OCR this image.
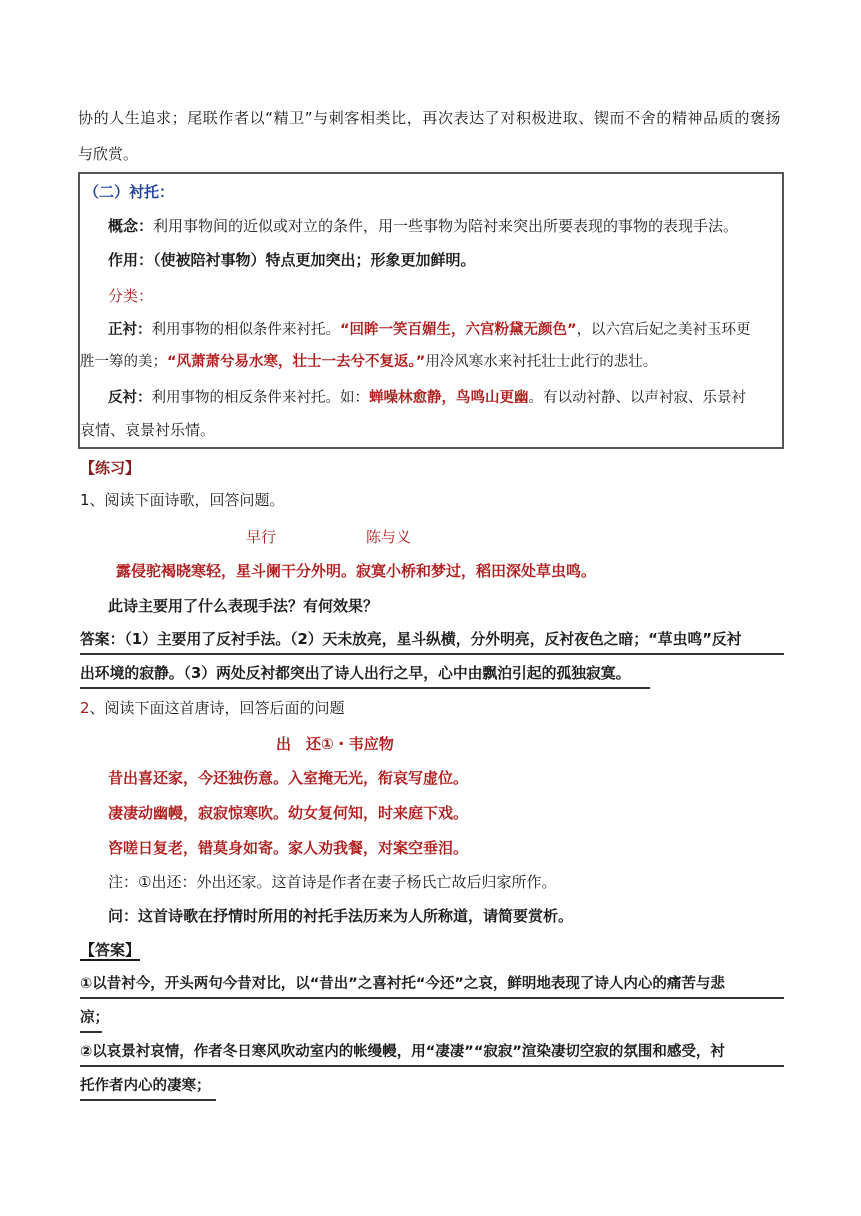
协的人生追求；尾联作者以“精卫”与刺客相类比，再次表达了对积极进取、锲而不舍的精神品质的褒扬
与欣赏。
（二）衬托：
概念：利用事物间的近似或对立的条件，用一些事物为陪衬来突出所要表现的事物的表现手法。
作用：（使被陪衬事物）特点更加突出；形象更加鲜明。
分类：
正衬：利用事物的相似条件来衬托。“回眸一笑百媚生，六宫粉黛无颜色”，以六宫后妃之美衬玉环更
胜一筹的美；“风萧萧兮易水寒，壮士一去兮不复返。”用冷风寒水来衬托壮士此行的悲壮。
反衬：利用事物的相反条件来衬托。如：蝉噪林愈静，鸟鸣山更幽。有以动衬静、以声衬寂、乐景衬
哀情、哀景衬乐情。
【练习】
1、阅读下面诗歌，回答问题。
早行	陈与义
露侵驼褐晓寒轻，星斗阑干分外明。寂寞小桥和梦过，稻田深处草虫鸣。
此诗主要用了什么表现手法？有何效果？
答案：（1）主要用了反衬手法。（2）天未放亮，星斗纵横，分外明亮，反衬夜色之暗；“草虫鸣”反衬
出环境的寂静。（3）两处反衬都突出了诗人出行之早，心中由飘泊引起的孤独寂寞。
2、阅读下面这首唐诗，回答后面的问题
出　还①・韦应物
昔出喜还家，今还独伤意。入室掩无光，衔哀写虚位。
凄凄动幽幔，寂寂惊寒吹。幼女复何知，时来庭下戏。
咨嗟日复老，错莫身如寄。家人劝我餐，对案空垂泪。
注：①出还：外出还家。这首诗是作者在妻子杨氏亡故后归家所作。
问：这首诗歌在抒情时所用的衬托手法历来为人所称道，请简要赏析。
【答案】
①以昔衬今，开头两句今昔对比，以“昔出”之喜衬托“今还”之哀，鲜明地表现了诗人内心的痛苦与悲
凉；
②以哀景衬哀情，作者冬日寒风吹动室内的帐缦幔，用“凄凄”“寂寂”渲染凄切空寂的氛围和感受，衬
托作者内心的凄寒；
